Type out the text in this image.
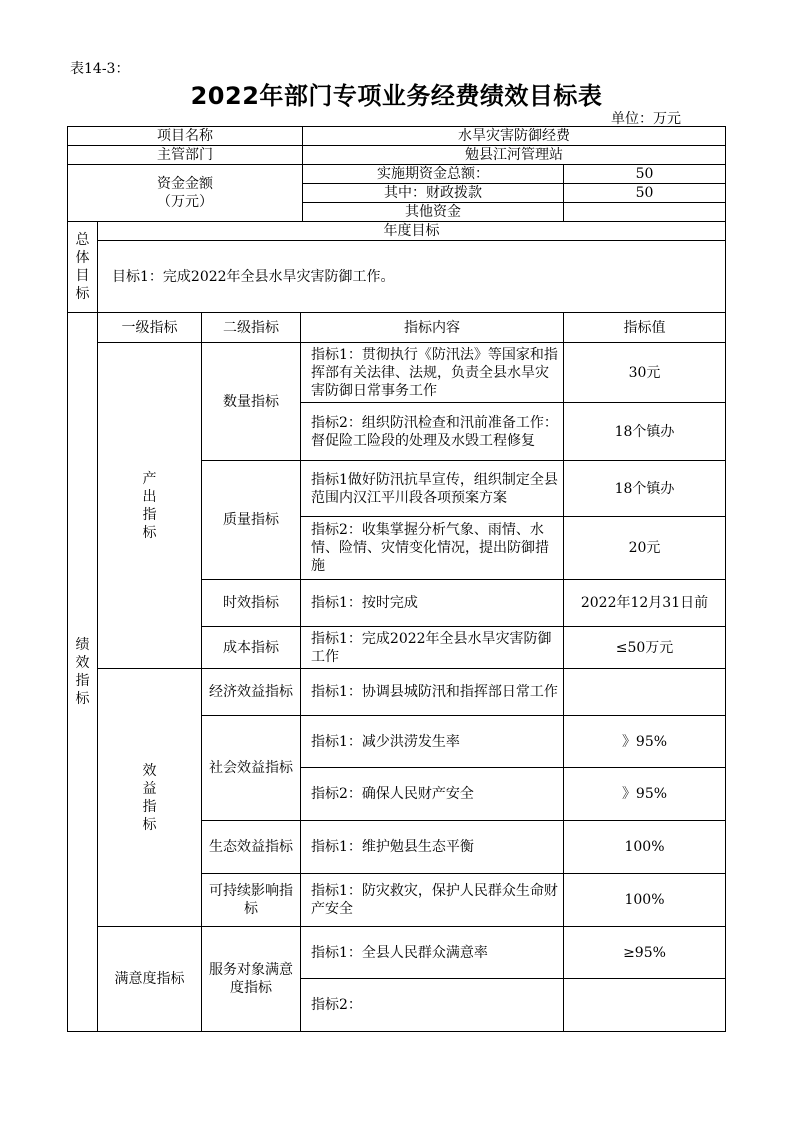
表14-3：
2022年部门专项业务经费绩效目标表
单位：万元
项目名称				水旱灾害防御经费	
主管部门				勉县江河管理站	

资金金额
（万元）				实施期资金总额：	50
				其中：财政拨款	50
				其他资金	

总
体
目
标	年度目标				
	目标1：完成2022年全县水旱灾害防御工作。				

绩
效
指
标	一级指标	二级指标	指标内容		指标值

	产
出
指
标	数量指标	指标1：贯彻执行《防汛法》等国家和指挥部有关法律、法规，负责全县水旱灾害防御日常事务工作		30元
			指标2：组织防汛检查和汛前准备工作：督促险工险段的处理及水毁工程修复		18个镇办
		质量指标	指标1做好防汛抗旱宣传，组织制定全县范围内汉江平川段各项预案方案		18个镇办
			指标2：收集掌握分析气象、雨情、水情、险情、灾情变化情况，提出防御措施		20元
		时效指标	指标1：按时完成		2022年12月31日前
		成本指标	指标1：完成2022年全县水旱灾害防御工作		≤50万元

	效
益
指
标	经济效益指标	指标1：协调县城防汛和指挥部日常工作		
		社会效益指标	指标1：减少洪涝发生率		》95%
			指标2：确保人民财产安全		》95%
		生态效益指标	指标1：维护勉县生态平衡		100%
		可持续影响指标	指标1：防灾救灾，保护人民群众生命财产安全		100%
	满意度指标	服务对象满意度指标	指标1：全县人民群众满意率		≥95%
			指标2：		
